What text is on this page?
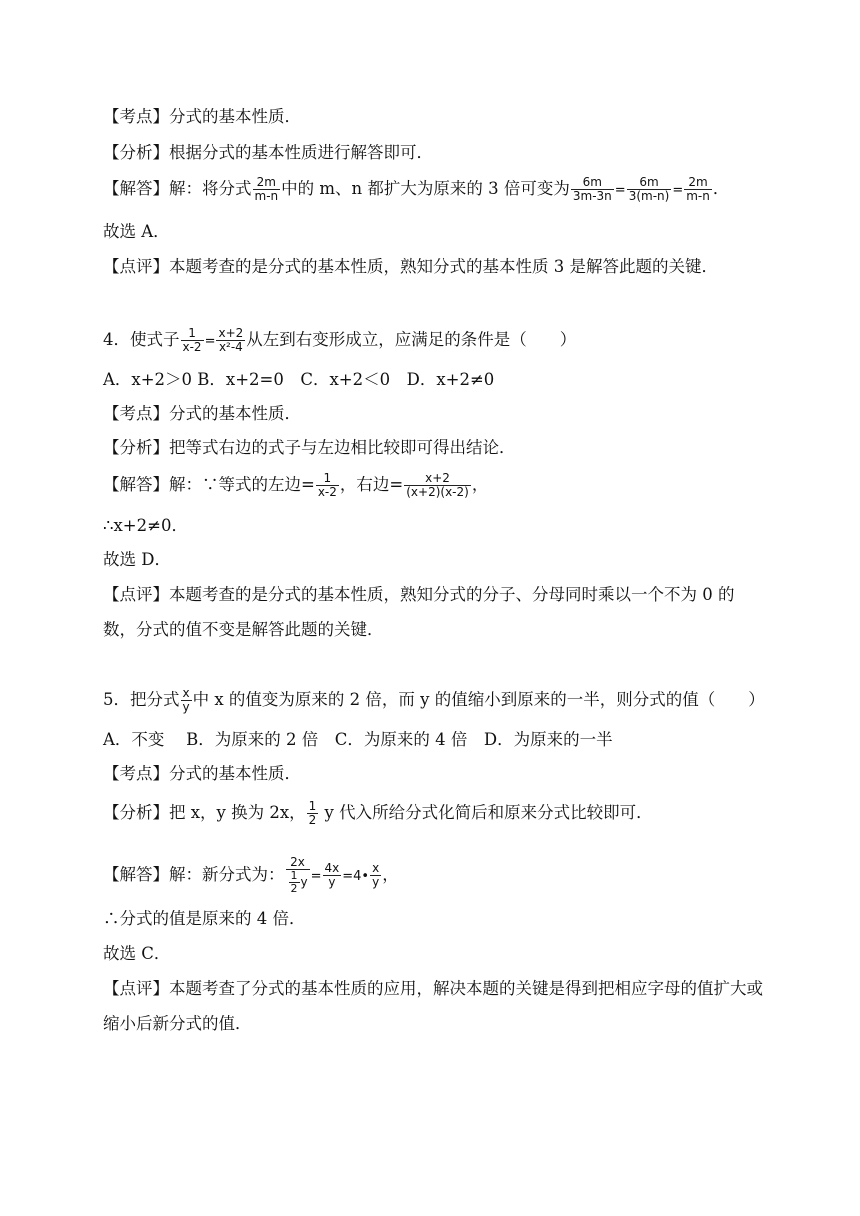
【考点】分式的基本性质．
【分析】根据分式的基本性质进行解答即可．
【解答】解：将分式 $\frac{2m}{m-n}$ 中的 m、n 都扩大为原来的 3 倍可变为 $\frac{6m}{3m-3n} = \frac{6m}{3(m-n)} = \frac{2m}{m-n}$ ．
故选 A．
【点评】本题考查的是分式的基本性质，熟知分式的基本性质 3 是解答此题的关键．
4．使式子 $\frac{1}{x-2} = \frac{x+2}{\text{x²-4}}$ 从左到右变形成立，应满足的条件是（　　）
A．x+2＞0 B．x+2=0　C．x+2＜0　D．x+2≠0
【考点】分式的基本性质．
【分析】把等式右边的式子与左边相比较即可得出结论．
【解答】解：∵等式的左边= $\frac{1}{x-2}$ ，右边= $\frac{x+2}{(x+2)(x-2)}$ ，
∴x+2≠0．
故选 D．
【点评】本题考查的是分式的基本性质，熟知分式的分子、分母同时乘以一个不为 0 的数，分式的值不变是解答此题的关键．
5．把分式 $\frac{x}{y}$ 中 x 的值变为原来的 2 倍，而 y 的值缩小到原来的一半，则分式的值（　　）
A．不变　 B．为原来的 2 倍　C．为原来的 4 倍　D．为原来的一半
【考点】分式的基本性质．
【分析】把 x，y 换为 2x， $\frac{1}{2}$ y 代入所给分式化简后和原来分式比较即可．
【解答】解：新分式为： $\frac{2x}{\frac{1}{2} y} = \frac{4x}{y}$ =4• $\frac{x}{y}$ ，
∴分式的值是原来的 4 倍．
故选 C．
【点评】本题考查了分式的基本性质的应用，解决本题的关键是得到把相应字母的值扩大或缩小后新分式的值．
